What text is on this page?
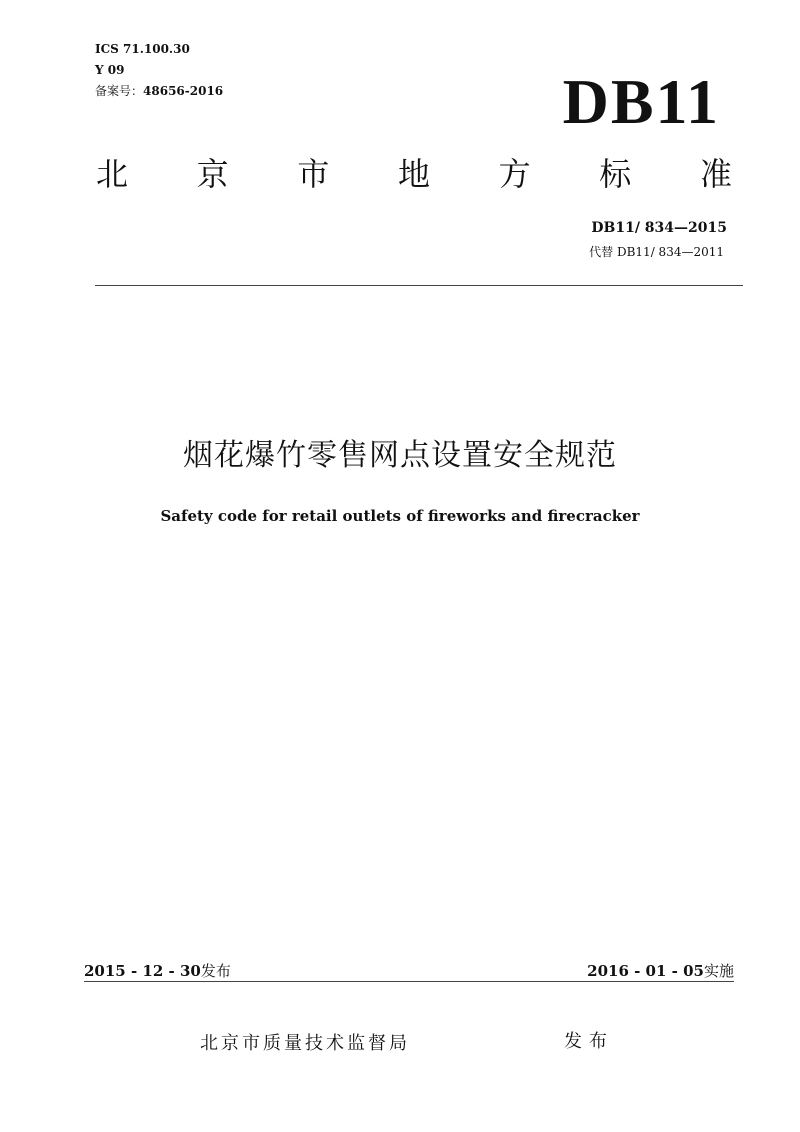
ICS 71.100.30
Y 09
备案号：48656-2016	DB11
北 京 市 地 方 标 准
DB11/ 834—2015
代替 DB11/ 834—2011
烟花爆竹零售网点设置安全规范
Safety code for retail outlets of fireworks and firecracker
2015 - 12 - 30发布	2016 - 01 - 05实施
北京市质量技术监督局	发布
